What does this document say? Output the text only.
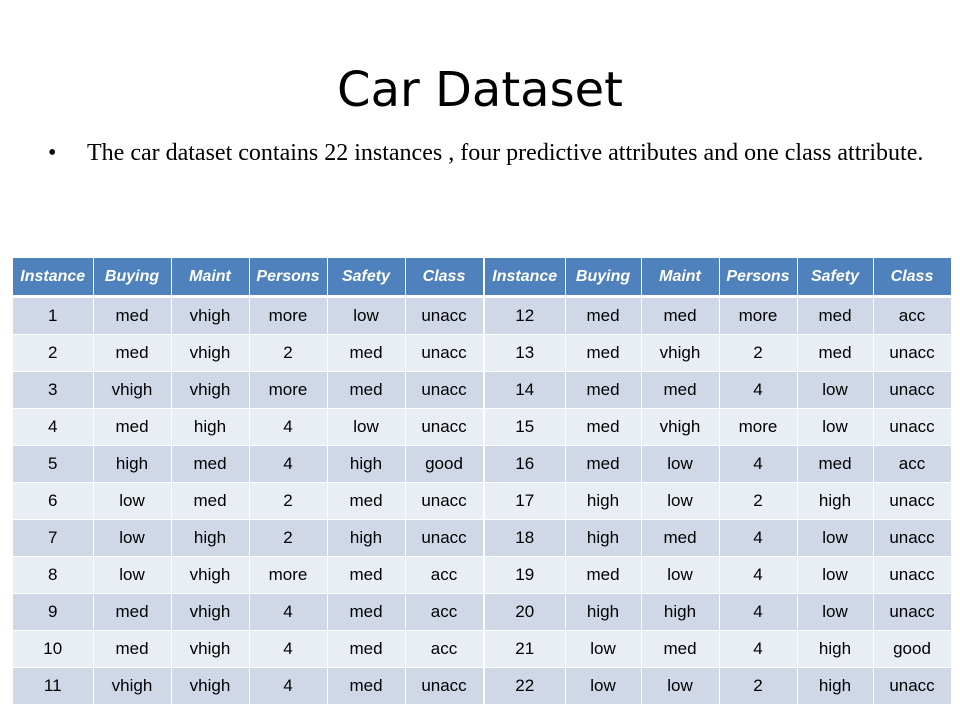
Car Dataset
• The car dataset contains 22 instances , four predictive attributes and one class attribute.
Instance	Buying	Maint	Persons	Safety	Class
1	med	vhigh	more	low	unacc
2	med	vhigh	2	med	unacc
3	vhigh	vhigh	more	med	unacc
4	med	high	4	low	unacc
5	high	med	4	high	good
6	low	med	2	med	unacc
7	low	high	2	high	unacc
8	low	vhigh	more	med	acc
9	med	vhigh	4	med	acc
10	med	vhigh	4	med	acc
11	vhigh	vhigh	4	med	unacc
Instance	Buying	Maint	Persons	Safety	Class
12	med	med	more	med	acc
13	med	vhigh	2	med	unacc
14	med	med	4	low	unacc
15	med	vhigh	more	low	unacc
16	med	low	4	med	acc
17	high	low	2	high	unacc
18	high	med	4	low	unacc
19	med	low	4	low	unacc
20	high	high	4	low	unacc
21	low	med	4	high	good
22	low	low	2	high	unacc
